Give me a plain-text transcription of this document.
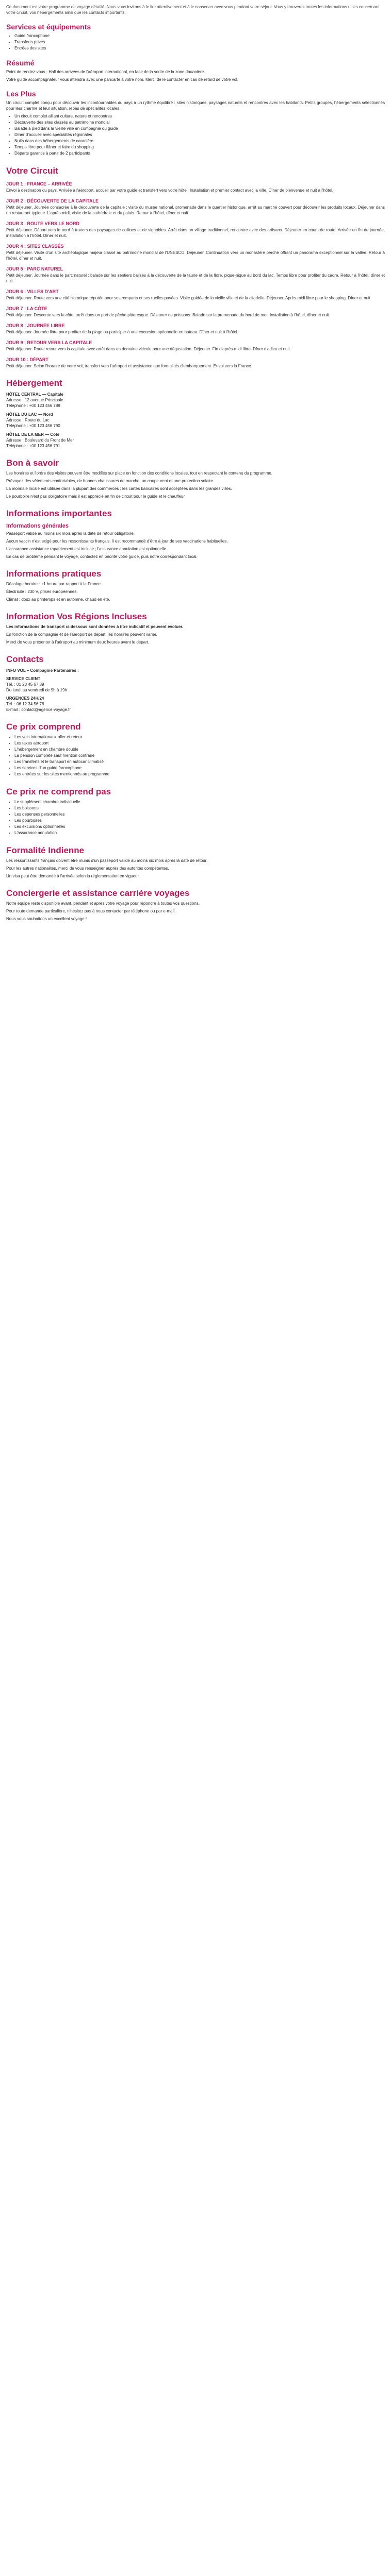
Ce document est votre programme de voyage détaillé. Nous vous invitons à le lire attentivement et à le conserver avec vous pendant votre séjour. Vous y trouverez toutes les informations utiles concernant votre circuit, vos hébergements ainsi que les contacts importants.

Services et équipements
• Guide francophone
• Transferts privés
• Entrées des sites
Résumé

Point de rendez-vous : Hall des arrivées de l'aéroport international, en face de la sortie de la zone douanière.

Votre guide accompagnateur vous attendra avec une pancarte à votre nom. Merci de le contacter en cas de retard de votre vol.

Les Plus

Un circuit complet conçu pour découvrir les incontournables du pays à un rythme équilibré : sites historiques, paysages naturels et rencontres avec les habitants. Petits groupes, hébergements sélectionnés pour leur charme et leur situation, repas de spécialités locales.

• Un circuit complet alliant culture, nature et rencontres
• Découverte des sites classés au patrimoine mondial
• Balade à pied dans la vieille ville en compagnie du guide
• Dîner d'accueil avec spécialités régionales
• Nuits dans des hébergements de caractère
• Temps libre pour flâner et faire du shopping
• Départs garantis à partir de 2 participants
Votre Circuit
JOUR 1 : FRANCE – ARRIVÉE

Envol à destination du pays. Arrivée à l'aéroport, accueil par votre guide et transfert vers votre hôtel. Installation et premier contact avec la ville. Dîner de bienvenue et nuit à l'hôtel.

JOUR 2 : DÉCOUVERTE DE LA CAPITALE

Petit déjeuner. Journée consacrée à la découverte de la capitale : visite du musée national, promenade dans le quartier historique, arrêt au marché couvert pour découvrir les produits locaux. Déjeuner dans un restaurant typique. L'après-midi, visite de la cathédrale et du palais. Retour à l'hôtel, dîner et nuit.

JOUR 3 : ROUTE VERS LE NORD

Petit déjeuner. Départ vers le nord à travers des paysages de collines et de vignobles. Arrêt dans un village traditionnel, rencontre avec des artisans. Déjeuner en cours de route. Arrivée en fin de journée, installation à l'hôtel. Dîner et nuit.

JOUR 4 : SITES CLASSÉS

Petit déjeuner. Visite d'un site archéologique majeur classé au patrimoine mondial de l'UNESCO. Déjeuner. Continuation vers un monastère perché offrant un panorama exceptionnel sur la vallée. Retour à l'hôtel, dîner et nuit.

JOUR 5 : PARC NATUREL

Petit déjeuner. Journée dans le parc naturel : balade sur les sentiers balisés à la découverte de la faune et de la flore, pique-nique au bord du lac. Temps libre pour profiter du cadre. Retour à l'hôtel, dîner et nuit.

JOUR 6 : VILLES D'ART

Petit déjeuner. Route vers une cité historique réputée pour ses remparts et ses ruelles pavées. Visite guidée de la vieille ville et de la citadelle. Déjeuner. Après-midi libre pour le shopping. Dîner et nuit.

JOUR 7 : LA CÔTE

Petit déjeuner. Descente vers la côte, arrêt dans un port de pêche pittoresque. Déjeuner de poissons. Balade sur la promenade du bord de mer. Installation à l'hôtel, dîner et nuit.

JOUR 8 : JOURNÉE LIBRE

Petit déjeuner. Journée libre pour profiter de la plage ou participer à une excursion optionnelle en bateau. Dîner et nuit à l'hôtel.

JOUR 9 : RETOUR VERS LA CAPITALE

Petit déjeuner. Route retour vers la capitale avec arrêt dans un domaine viticole pour une dégustation. Déjeuner. Fin d'après-midi libre. Dîner d'adieu et nuit.

JOUR 10 : DÉPART

Petit déjeuner. Selon l'horaire de votre vol, transfert vers l'aéroport et assistance aux formalités d'embarquement. Envol vers la France.

Hébergement

HÔTEL CENTRAL — Capitale

Adresse : 12 avenue Principale

Téléphone : +00 123 456 789

HÔTEL DU LAC — Nord

Adresse : Route du Lac

Téléphone : +00 123 456 790

HÔTEL DE LA MER — Côte

Adresse : Boulevard du Front de Mer

Téléphone : +00 123 456 791

Bon à savoir

Les horaires et l'ordre des visites peuvent être modifiés sur place en fonction des conditions locales, tout en respectant le contenu du programme.

Prévoyez des vêtements confortables, de bonnes chaussures de marche, un coupe-vent et une protection solaire.

La monnaie locale est utilisée dans la plupart des commerces ; les cartes bancaires sont acceptées dans les grandes villes.

Le pourboire n'est pas obligatoire mais il est apprécié en fin de circuit pour le guide et le chauffeur.

Informations importantes
Informations générales

Passeport valide au moins six mois après la date de retour obligatoire.

Aucun vaccin n'est exigé pour les ressortissants français. Il est recommandé d'être à jour de ses vaccinations habituelles.

L'assurance assistance rapatriement est incluse ; l'assurance annulation est optionnelle.

En cas de problème pendant le voyage, contactez en priorité votre guide, puis notre correspondant local.

Informations pratiques

Décalage horaire : +1 heure par rapport à la France.

Électricité : 230 V, prises européennes.

Climat : doux au printemps et en automne, chaud en été.

Information Vos Régions Incluses

Les informations de transport ci-dessous sont données à titre indicatif et peuvent évoluer.

En fonction de la compagnie et de l'aéroport de départ, les horaires peuvent varier.

Merci de vous présenter à l'aéroport au minimum deux heures avant le départ.

Contacts

INFO VOL – Compagnie Partenaires :

SERVICE CLIENT

Tél. : 01 23 45 67 89

Du lundi au vendredi de 9h à 19h

URGENCES 24H/24

Tél. : 06 12 34 56 78

E-mail : contact@agence-voyage.fr

Ce prix comprend
• Les vols internationaux aller et retour
• Les taxes aéroport
• L'hébergement en chambre double
• La pension complète sauf mention contraire
• Les transferts et le transport en autocar climatisé
• Les services d'un guide francophone
• Les entrées sur les sites mentionnés au programme
Ce prix ne comprend pas
• Le supplément chambre individuelle
• Les boissons
• Les dépenses personnelles
• Les pourboires
• Les excursions optionnelles
• L'assurance annulation
Formalité Indienne

Les ressortissants français doivent être munis d'un passeport valide au moins six mois après la date de retour.

Pour les autres nationalités, merci de vous renseigner auprès des autorités compétentes.

Un visa peut être demandé à l'arrivée selon la réglementation en vigueur.

Conciergerie et assistance carrière voyages

Notre équipe reste disponible avant, pendant et après votre voyage pour répondre à toutes vos questions.

Pour toute demande particulière, n'hésitez pas à nous contacter par téléphone ou par e-mail.

Nous vous souhaitons un excellent voyage !
